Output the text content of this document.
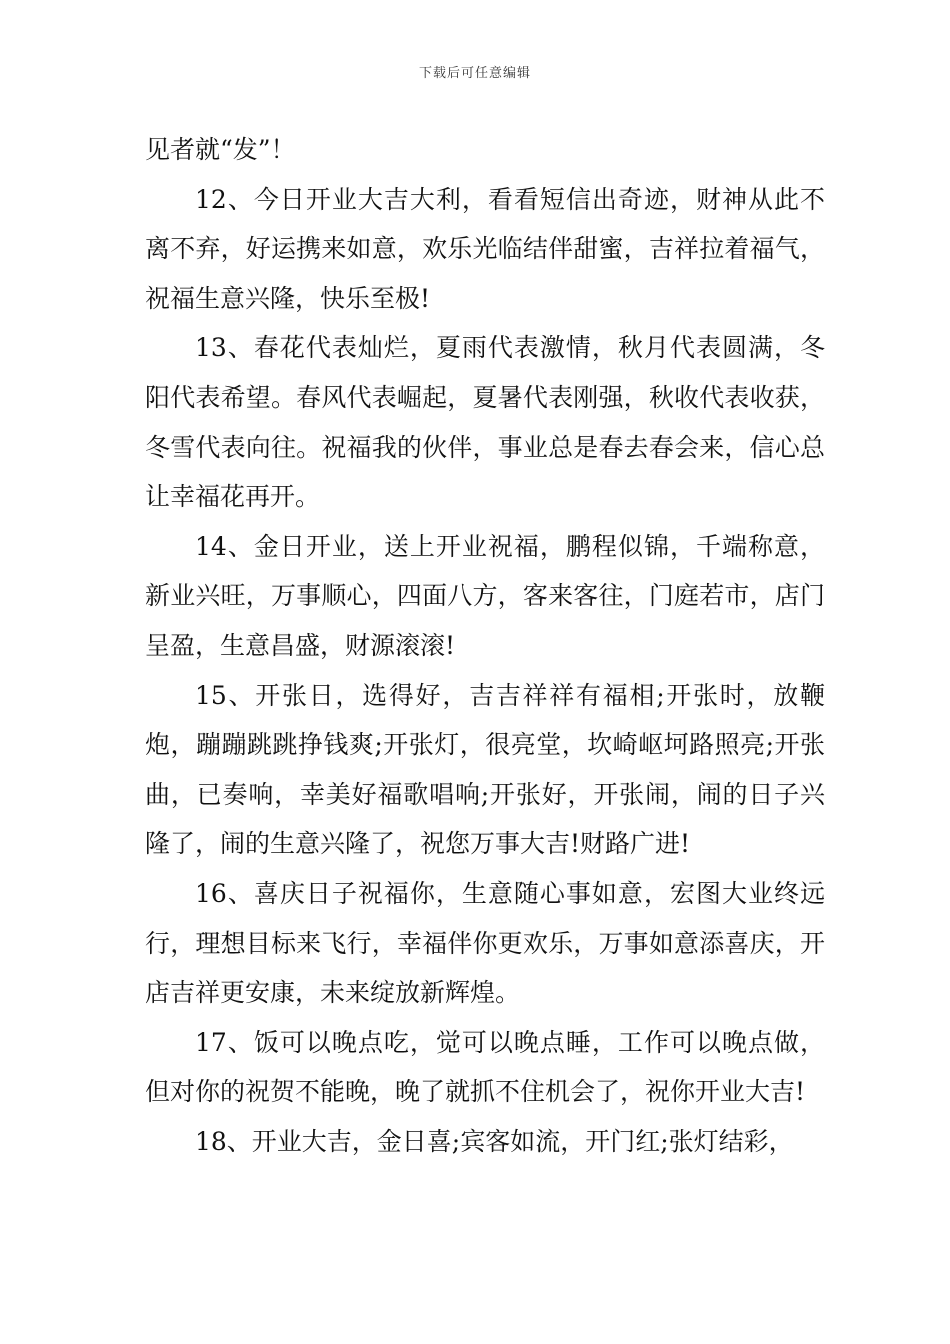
下载后可任意编辑

见者就“发”！

12、今日开业大吉大利，看看短信出奇迹，财神从此不离不弃，好运携来如意，欢乐光临结伴甜蜜，吉祥拉着福气，祝福生意兴隆，快乐至极!

13、春花代表灿烂，夏雨代表激情，秋月代表圆满，冬阳代表希望。春风代表崛起，夏暑代表刚强，秋收代表收获，冬雪代表向往。祝福我的伙伴，事业总是春去春会来，信心总让幸福花再开。

14、金日开业，送上开业祝福，鹏程似锦，千端称意，新业兴旺，万事顺心，四面八方，客来客往，门庭若市，店门呈盈，生意昌盛，财源滚滚!

15、开张日，选得好，吉吉祥祥有福相;开张时，放鞭炮，蹦蹦跳跳挣钱爽;开张灯，很亮堂，坎崎岖坷路照亮;开张曲，已奏响，幸美好福歌唱响;开张好，开张闹，闹的日子兴隆了，闹的生意兴隆了，祝您万事大吉!财路广进!

16、喜庆日子祝福你，生意随心事如意，宏图大业终远行，理想目标来飞行，幸福伴你更欢乐，万事如意添喜庆，开店吉祥更安康，未来绽放新辉煌。

17、饭可以晚点吃，觉可以晚点睡，工作可以晚点做，但对你的祝贺不能晚，晚了就抓不住机会了，祝你开业大吉!

18、开业大吉，金日喜;宾客如流，开门红;张灯结彩，
